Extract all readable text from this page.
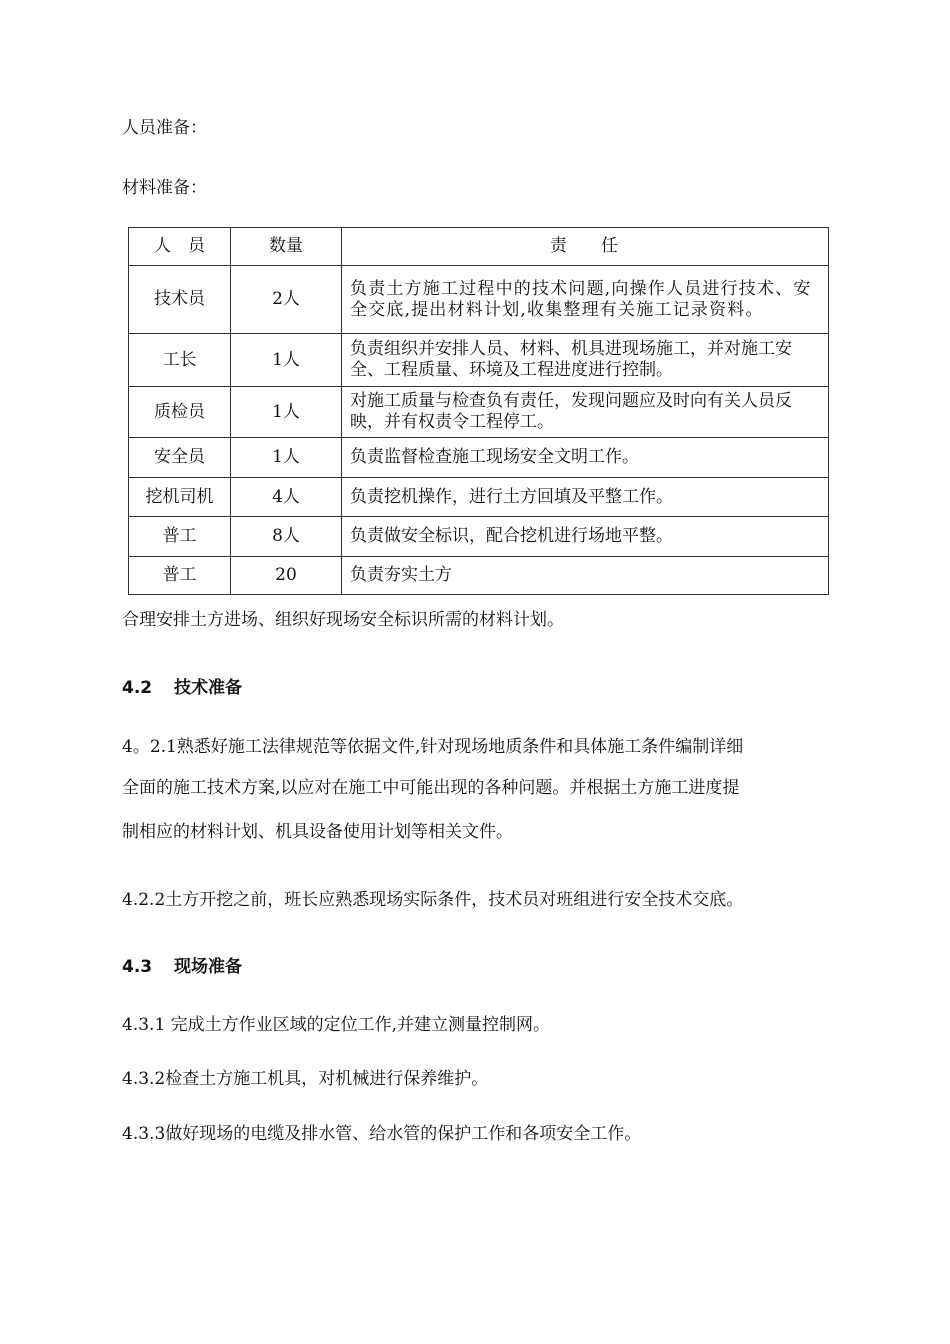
人员准备：
材料准备：
人　员	数量	责　　任
技术员	2人	负责土方施工过程中的技术问题,向操作人员进行技术、安全交底,提出材料计划,收集整理有关施工记录资料。
工长	1人	负责组织并安排人员、材料、机具进现场施工，并对施工安全、工程质量、环境及工程进度进行控制。
质检员	1人	对施工质量与检查负有责任，发现问题应及时向有关人员反映，并有权责令工程停工。
安全员	1人	负责监督检查施工现场安全文明工作。
挖机司机	4人	负责挖机操作，进行土方回填及平整工作。
普工	8人	负责做安全标识，配合挖机进行场地平整。
普工	20	负责夯实土方
合理安排土方进场、组织好现场安全标识所需的材料计划。
4.2 技术准备
4。2.1熟悉好施工法律规范等依据文件,针对现场地质条件和具体施工条件编制详细
全面的施工技术方案,以应对在施工中可能出现的各种问题。并根据土方施工进度提
制相应的材料计划、机具设备使用计划等相关文件。
4.2.2土方开挖之前，班长应熟悉现场实际条件，技术员对班组进行安全技术交底。
4.3 现场准备
4.3.1 完成土方作业区域的定位工作,并建立测量控制网。
4.3.2检查土方施工机具，对机械进行保养维护。
4.3.3做好现场的电缆及排水管、给水管的保护工作和各项安全工作。
